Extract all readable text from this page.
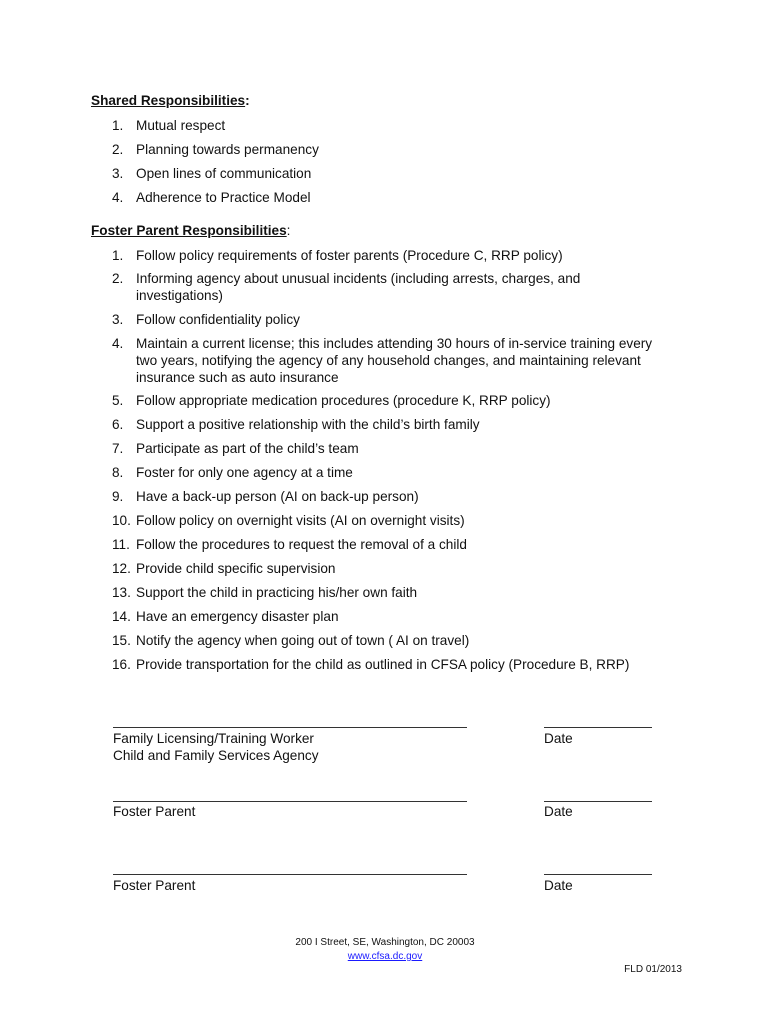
Shared Responsibilities:
1. Mutual respect
2. Planning towards permanency
3. Open lines of communication
4. Adherence to Practice Model
Foster Parent Responsibilities:
1. Follow policy requirements of foster parents (Procedure C, RRP policy)
2. Informing agency about unusual incidents (including arrests, charges, and investigations)
3. Follow confidentiality policy
4. Maintain a current license; this includes attending 30 hours of in-service training every two years, notifying the agency of any household changes, and maintaining relevant insurance such as auto insurance
5. Follow appropriate medication procedures (procedure K, RRP policy)
6. Support a positive relationship with the child’s birth family
7. Participate as part of the child’s team
8. Foster for only one agency at a time
9. Have a back-up person (AI on back-up person)
10. Follow policy on overnight visits (AI on overnight visits)
11. Follow the procedures to request the removal of a child
12. Provide child specific supervision
13. Support the child in practicing his/her own faith
14. Have an emergency disaster plan
15. Notify the agency when going out of town ( AI on travel)
16. Provide transportation for the child as outlined in CFSA policy (Procedure B, RRP)
Family Licensing/Training Worker
Child and Family Services Agency
Date
Foster Parent	Date
Foster Parent	Date
200 I Street, SE, Washington, DC 20003
www.cfsa.dc.gov
FLD 01/2013
